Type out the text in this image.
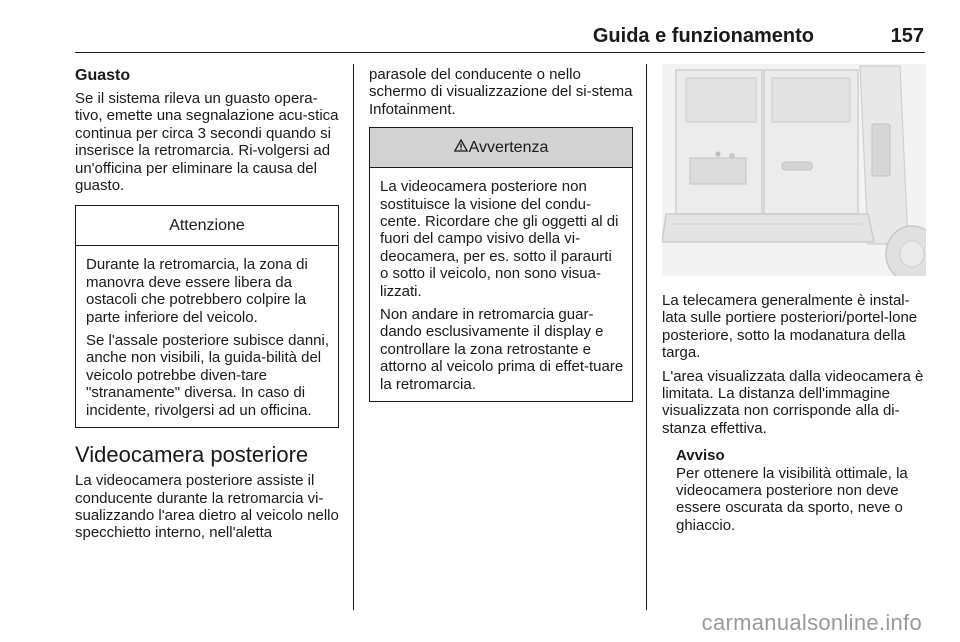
Guida e funzionamento	157
Guasto
Se il sistema rileva un guasto opera-tivo, emette una segnalazione acu-stica continua per circa 3 secondi quando si inserisce la retromarcia. Ri-volgersi ad un'officina per eliminare la causa del guasto.
Attenzione
Durante la retromarcia, la zona di manovra deve essere libera da ostacoli che potrebbero colpire la parte inferiore del veicolo.
Se l'assale posteriore subisce danni, anche non visibili, la guida-bilità del veicolo potrebbe diven-tare "stranamente" diversa. In caso di incidente, rivolgersi ad un officina.
Videocamera posteriore
La videocamera posteriore assiste il conducente durante la retromarcia vi-sualizzando l'area dietro al veicolo nello specchietto interno, nell'aletta
parasole del conducente o nello schermo di visualizzazione del si-stema Infotainment.
Avvertenza
La videocamera posteriore non sostituisce la visione del condu-cente. Ricordare che gli oggetti al di fuori del campo visivo della vi-deocamera, per es. sotto il paraurti o sotto il veicolo, non sono visua-lizzati.
Non andare in retromarcia guar-dando esclusivamente il display e controllare la zona retrostante e attorno al veicolo prima di effet-tuare la retromarcia.
La telecamera generalmente è instal-lata sulle portiere posteriori/portel-lone posteriore, sotto la modanatura della targa.
L'area visualizzata dalla videocamera è limitata. La distanza dell'immagine visualizzata non corrisponde alla di-stanza effettiva.
Avviso
Per ottenere la visibilità ottimale, la videocamera posteriore non deve essere oscurata da sporto, neve o ghiaccio.
carmanualsonline.info
